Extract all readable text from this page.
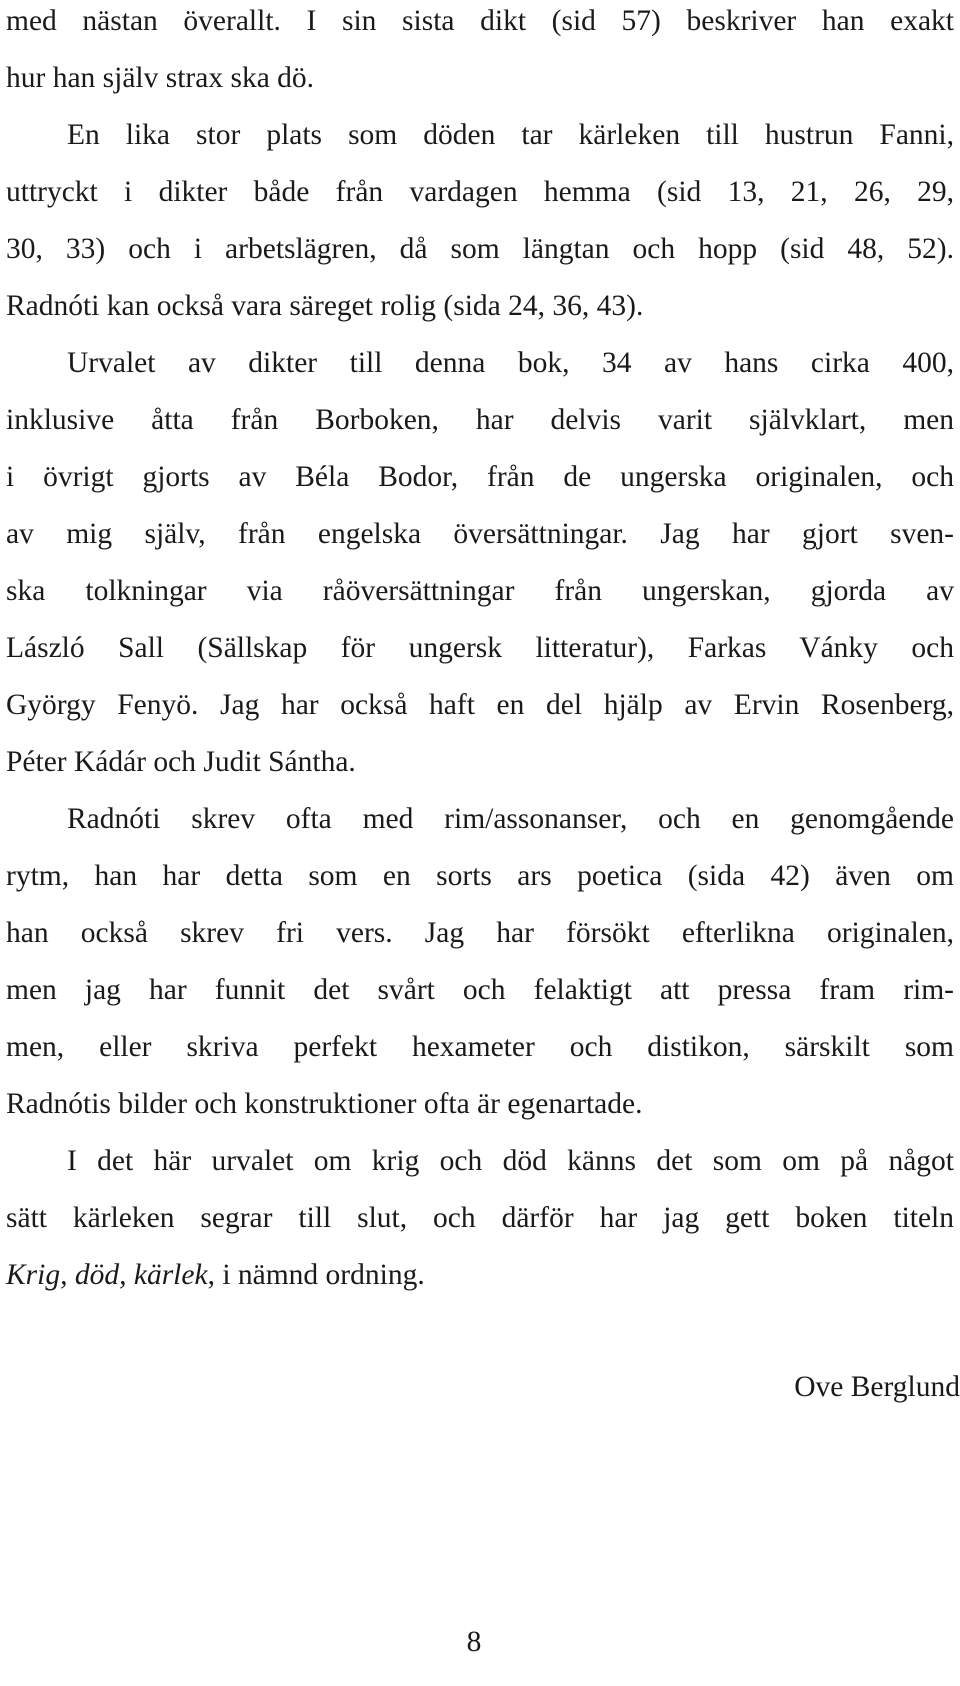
med nästan överallt. I sin sista dikt (sid 57) beskriver han exakt
hur han själv strax ska dö.
En lika stor plats som döden tar kärleken till hustrun Fanni,
uttryckt i dikter både från vardagen hemma (sid 13, 21, 26, 29,
30, 33) och i arbetslägren, då som längtan och hopp (sid 48, 52).
Radnóti kan också vara säreget rolig (sida 24, 36, 43).
Urvalet av dikter till denna bok, 34 av hans cirka 400,
inklusive åtta från Borboken, har delvis varit självklart, men
i övrigt gjorts av Béla Bodor, från de ungerska originalen, och
av mig själv, från engelska översättningar. Jag har gjort sven-
ska tolkningar via råöversättningar från ungerskan, gjorda av
László Sall (Sällskap för ungersk litteratur), Farkas Vánky och
György Fenyö. Jag har också haft en del hjälp av Ervin Rosenberg,
Péter Kádár och Judit Sántha.
Radnóti skrev ofta med rim/assonanser, och en genomgående
rytm, han har detta som en sorts ars poetica (sida 42) även om
han också skrev fri vers. Jag har försökt efterlikna originalen,
men jag har funnit det svårt och felaktigt att pressa fram rim-
men, eller skriva perfekt hexameter och distikon, särskilt som
Radnótis bilder och konstruktioner ofta är egenartade.
I det här urvalet om krig och död känns det som om på något
sätt kärleken segrar till slut, och därför har jag gett boken titeln
Krig, död, kärlek, i nämnd ordning.
Ove Berglund
8
